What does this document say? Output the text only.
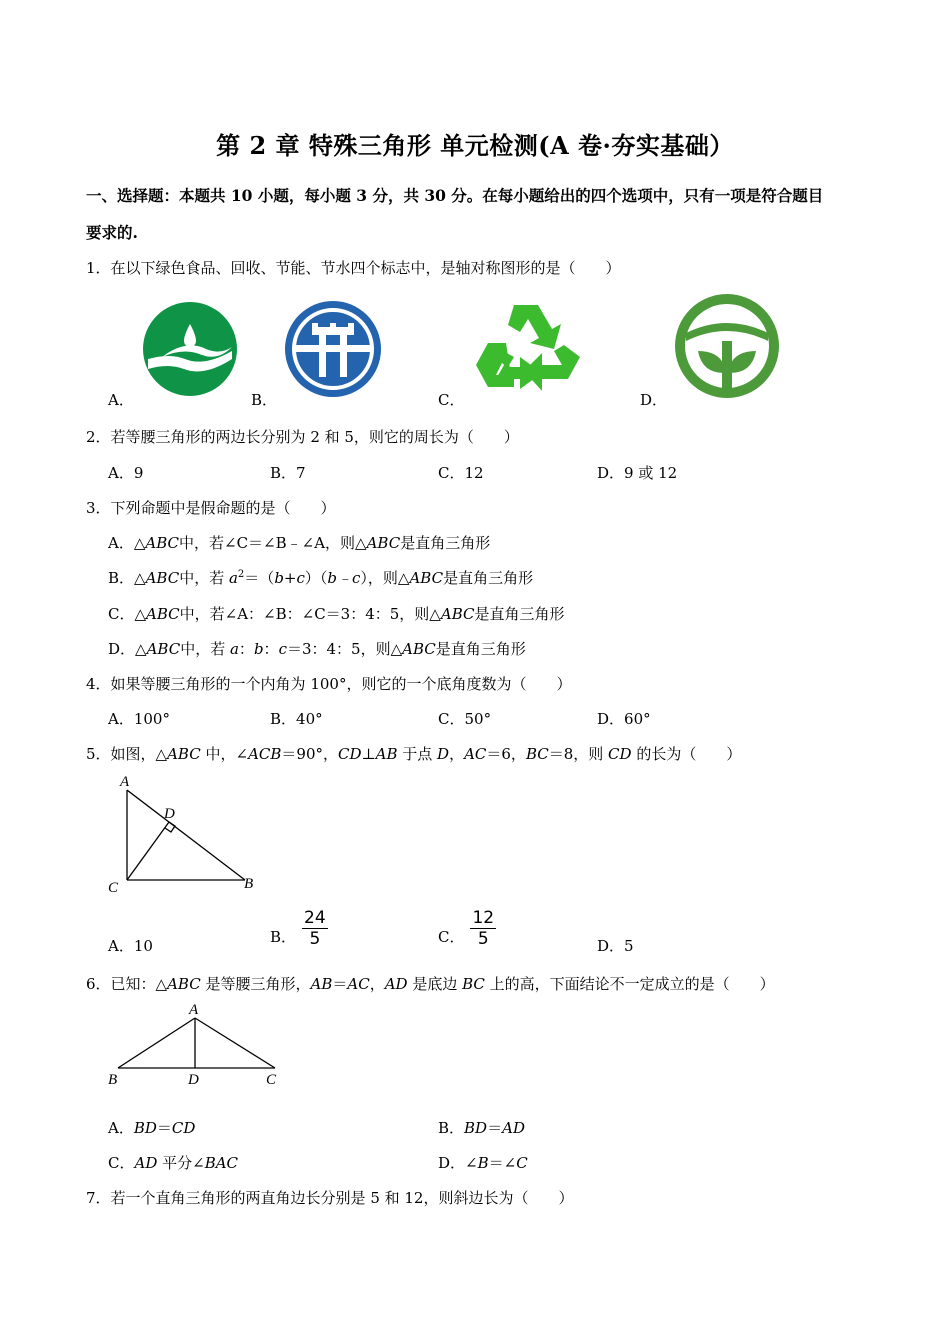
第 2 章 特殊三角形 单元检测(A 卷·夯实基础）
一、选择题：本题共 10 小题，每小题 3 分，共 30 分。在每小题给出的四个选项中，只有一项是符合题目
要求的.
1．在以下绿色食品、回收、节能、节水四个标志中，是轴对称图形的是（　　）
A．	B．	C．	D．
2．若等腰三角形的两边长分别为 2 和 5，则它的周长为（　　）
A．9	B．7	C．12	D．9 或 12
3．下列命题中是假命题的是（　　）
A．△ABC中，若∠C＝∠B﹣∠A，则△ABC是直角三角形
B．△ABC中，若 $a^2=(b+c)(b﹣c)$，则△ABC是直角三角形
C．△ABC中，若∠A：∠B：∠C＝3：4：5，则△ABC是直角三角形
D．△ABC中，若 a：b：c＝3：4：5，则△ABC是直角三角形
4．如果等腰三角形的一个内角为 100°，则它的一个底角度数为（　　）
A．100°	B．40°	C．50°	D．60°
5．如图，△ABC 中，∠ACB＝90°，CD⊥AB 于点 D，AC＝6，BC＝8，则 CD 的长为（　　）
A
D
C	B
A．10	B． $\frac{24}{5}$	C． $\frac{12}{5}$	D．5
6．已知：△ABC 是等腰三角形，AB＝AC，AD 是底边 BC 上的高，下面结论不一定成立的是（　　）
A
B	D	C
A．BD＝CD	B．BD＝AD
C．AD 平分∠BAC	D．∠B＝∠C
7．若一个直角三角形的两直角边长分别是 5 和 12，则斜边长为（　　）
